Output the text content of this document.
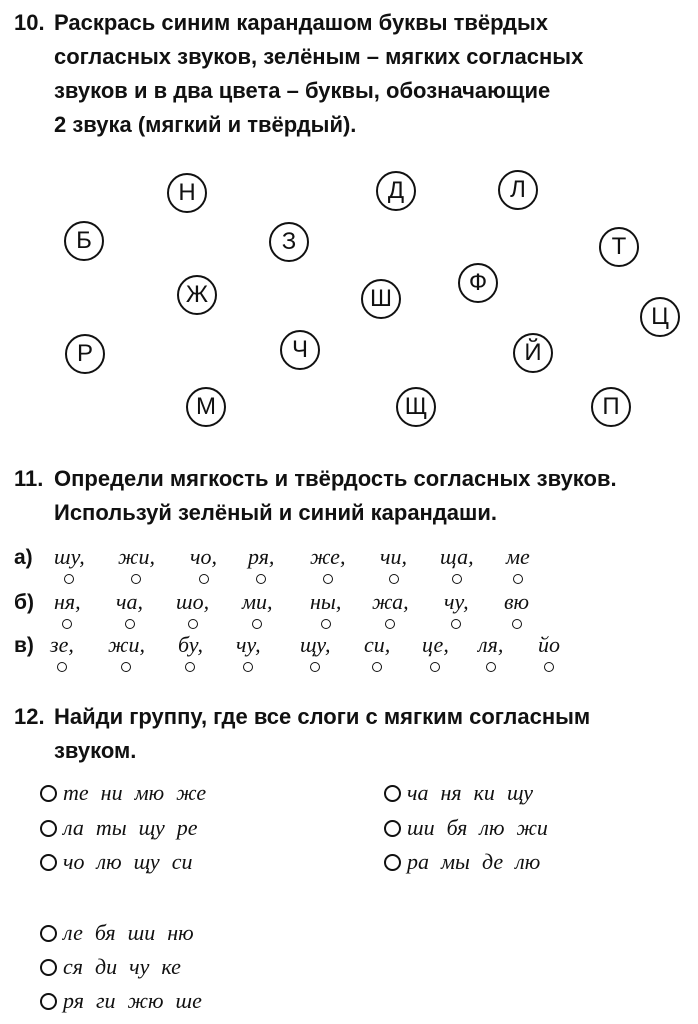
10. Раскрась синим карандашом буквы твёрдых
согласных звуков, зелёным – мягких согласных
звуков и в два цвета – буквы, обозначающие
2 звука (мягкий и твёрдый).
Н	Д	Л
Б	З	Т
Ф
Ж	Ш
Ц
Р	Ч	Й
М	Щ	П
11. Определи мягкость и твёрдость согласных звуков.
Используй зелёный и синий карандаши.
а) шу, жи, чо, ря, же, чи, ща, ме
б) ня, ча, шо, ми, ны, жа, чу, вю
в) зе, жи, бу, чу, щу, си, це, ля, йо
12. Найди группу, где все слоги с мягким согласным
звуком.
те ни мю же
ла ты щу ре
чо лю щу си
ча ня ки щу
ши бя лю жи
ра мы де лю
ле бя ши ню
ся ди чу ке
ря ги жю ше
